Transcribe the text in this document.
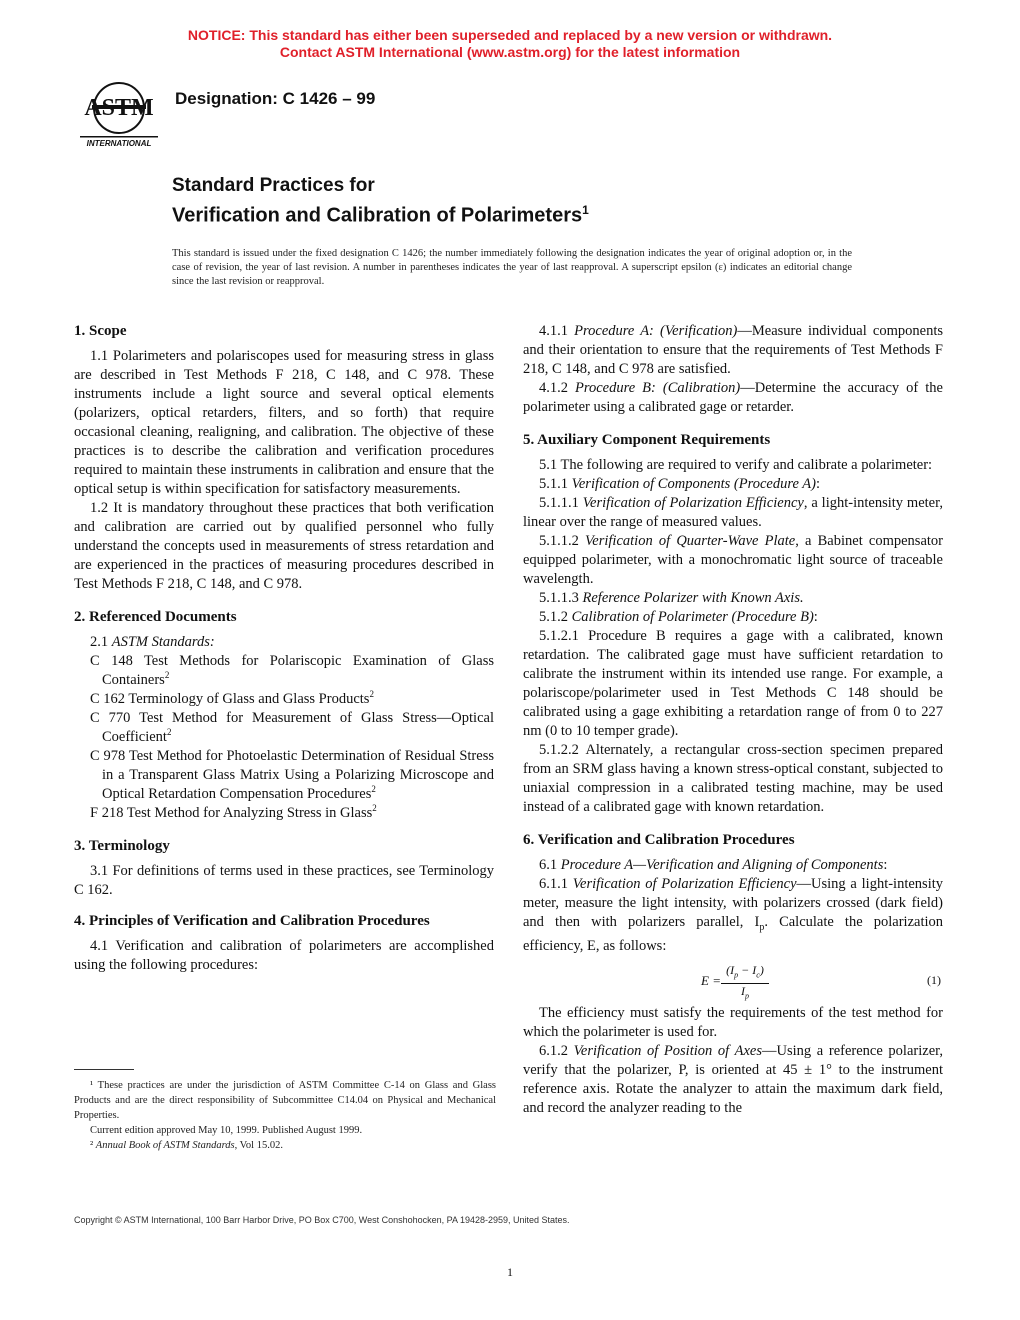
NOTICE: This standard has either been superseded and replaced by a new version or withdrawn.
Contact ASTM International (www.astm.org) for the latest information
ASTM
INTERNATIONAL
Designation: C 1426 – 99
Standard Practices for
Verification and Calibration of Polarimeters$^1$
This standard is issued under the fixed designation C 1426; the number immediately following the designation indicates the year of original adoption or, in the case of revision, the year of last revision. A number in parentheses indicates the year of last reapproval. A superscript epsilon (ε) indicates an editorial change since the last revision or reapproval.
1. Scope

1.1 Polarimeters and polariscopes used for measuring stress in glass are described in Test Methods F 218, C 148, and C 978. These instruments include a light source and several optical elements (polarizers, optical retarders, filters, and so forth) that require occasional cleaning, realigning, and calibration. The objective of these practices is to describe the calibration and verification procedures required to maintain these instruments in calibration and ensure that the optical setup is within specification for satisfactory measurements.

1.2 It is mandatory throughout these practices that both verification and calibration are carried out by qualified personnel who fully understand the concepts used in measurements of stress retardation and are experienced in the practices of measuring procedures described in Test Methods F 218, C 148, and C 978.

2. Referenced Documents

2.1 ASTM Standards:

C 148 Test Methods for Polariscopic Examination of Glass Containers$^2$

C 162 Terminology of Glass and Glass Products$^2$

C 770 Test Method for Measurement of Glass Stress—Optical Coefficient$^2$

C 978 Test Method for Photoelastic Determination of Residual Stress in a Transparent Glass Matrix Using a Polarizing Microscope and Optical Retardation Compensation Procedures$^2$

F 218 Test Method for Analyzing Stress in Glass$^2$

3. Terminology

3.1 For definitions of terms used in these practices, see Terminology C 162.

4. Principles of Verification and Calibration Procedures

4.1 Verification and calibration of polarimeters are accomplished using the following procedures:

4.1.1 Procedure A: (Verification)—Measure individual components and their orientation to ensure that the requirements of Test Methods F 218, C 148, and C 978 are satisfied.

4.1.2 Procedure B: (Calibration)—Determine the accuracy of the polarimeter using a calibrated gage or retarder.

5. Auxiliary Component Requirements

5.1 The following are required to verify and calibrate a polarimeter:

5.1.1 Verification of Components (Procedure A):

5.1.1.1 Verification of Polarization Efficiency, a light-intensity meter, linear over the range of measured values.

5.1.1.2 Verification of Quarter-Wave Plate, a Babinet compensator equipped polarimeter, with a monochromatic light source of traceable wavelength.

5.1.1.3 Reference Polarizer with Known Axis.

5.1.2 Calibration of Polarimeter (Procedure B):

5.1.2.1 Procedure B requires a gage with a calibrated, known retardation. The calibrated gage must have sufficient retardation to calibrate the instrument within its intended use range. For example, a polariscope/polarimeter used in Test Methods C 148 should be calibrated using a gage exhibiting a retardation range of from 0 to 227 nm (0 to 10 temper grade).

5.1.2.2 Alternately, a rectangular cross-section specimen prepared from an SRM glass having a known stress-optical constant, subjected to uniaxial compression in a calibrated testing machine, may be used instead of a calibrated gage with known retardation.

6. Verification and Calibration Procedures

6.1 Procedure A—Verification and Aligning of Components:

6.1.1 Verification of Polarization Efficiency—Using a light-intensity meter, measure the light intensity, with polarizers crossed (dark field) and then with polarizers parallel, $I_p$. Calculate the polarization efficiency, E, as follows:

$E = \frac{(I_p - I_c)}{I_p}$	(1)

The efficiency must satisfy the requirements of the test method for which the polarimeter is used for.

6.1.2 Verification of Position of Axes—Using a reference polarizer, verify that the polarizer, P, is oriented at 45 ± 1° to the instrument reference axis. Rotate the analyzer to attain the maximum dark field, and record the analyzer reading to the

¹ These practices are under the jurisdiction of ASTM Committee C-14 on Glass and Glass Products and are the direct responsibility of Subcommittee C14.04 on Physical and Mechanical Properties.

Current edition approved May 10, 1999. Published August 1999.

² Annual Book of ASTM Standards, Vol 15.02.

Copyright © ASTM International, 100 Barr Harbor Drive, PO Box C700, West Conshohocken, PA 19428-2959, United States.
1
